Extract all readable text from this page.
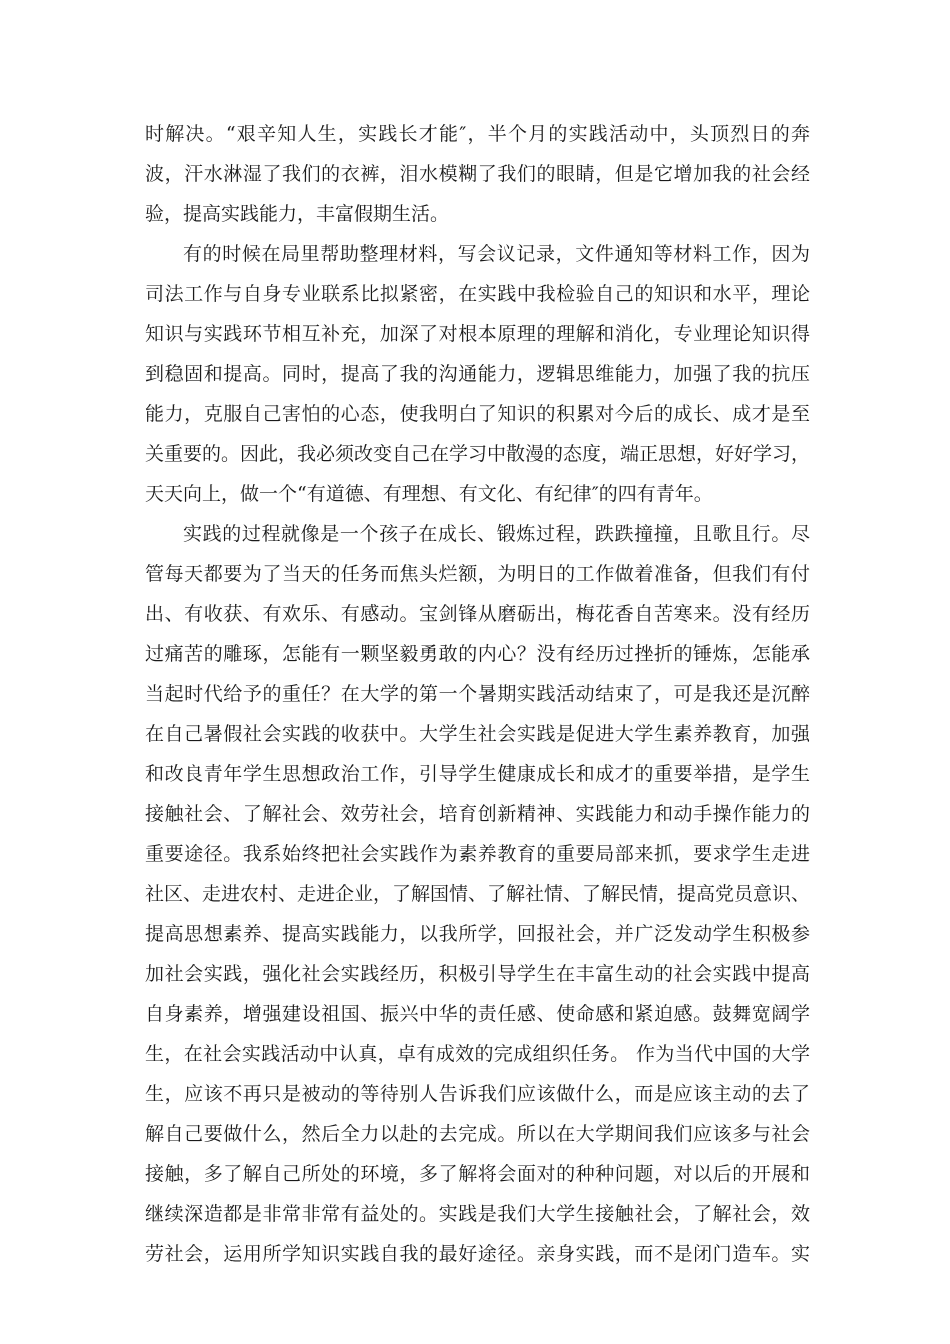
时解决。“艰辛知人生，实践长才能″，半个月的实践活动中，头顶烈日的奔
波，汗水淋湿了我们的衣裤，泪水模糊了我们的眼睛，但是它增加我的社会经
验，提高实践能力，丰富假期生活。
有的时候在局里帮助整理材料，写会议记录，文件通知等材料工作，因为
司法工作与自身专业联系比拟紧密，在实践中我检验自己的知识和水平，理论
知识与实践环节相互补充，加深了对根本原理的理解和消化，专业理论知识得
到稳固和提高。同时，提高了我的沟通能力，逻辑思维能力，加强了我的抗压
能力，克服自己害怕的心态，使我明白了知识的积累对今后的成长、成才是至
关重要的。因此，我必须改变自己在学习中散漫的态度，端正思想，好好学习，
天天向上，做一个“有道德、有理想、有文化、有纪律″的四有青年。
实践的过程就像是一个孩子在成长、锻炼过程，跌跌撞撞，且歌且行。尽
管每天都要为了当天的任务而焦头烂额，为明日的工作做着准备，但我们有付
出、有收获、有欢乐、有感动。宝剑锋从磨砺出，梅花香自苦寒来。没有经历
过痛苦的雕琢，怎能有一颗坚毅勇敢的内心？没有经历过挫折的锤炼，怎能承
当起时代给予的重任？在大学的第一个暑期实践活动结束了，可是我还是沉醉
在自己暑假社会实践的收获中。大学生社会实践是促进大学生素养教育，加强
和改良青年学生思想政治工作，引导学生健康成长和成才的重要举措，是学生
接触社会、了解社会、效劳社会，培育创新精神、实践能力和动手操作能力的
重要途径。我系始终把社会实践作为素养教育的重要局部来抓，要求学生走进
社区、走进农村、走进企业，了解国情、了解社情、了解民情，提高党员意识、
提高思想素养、提高实践能力，以我所学，回报社会，并广泛发动学生积极参
加社会实践，强化社会实践经历，积极引导学生在丰富生动的社会实践中提高
自身素养，增强建设祖国、振兴中华的责任感、使命感和紧迫感。鼓舞宽阔学
生，在社会实践活动中认真，卓有成效的完成组织任务。 作为当代中国的大学
生，应该不再只是被动的等待别人告诉我们应该做什么，而是应该主动的去了
解自己要做什么，然后全力以赴的去完成。所以在大学期间我们应该多与社会
接触，多了解自己所处的环境，多了解将会面对的种种问题，对以后的开展和
继续深造都是非常非常有益处的。实践是我们大学生接触社会，了解社会，效
劳社会，运用所学知识实践自我的最好途径。亲身实践，而不是闭门造车。实
